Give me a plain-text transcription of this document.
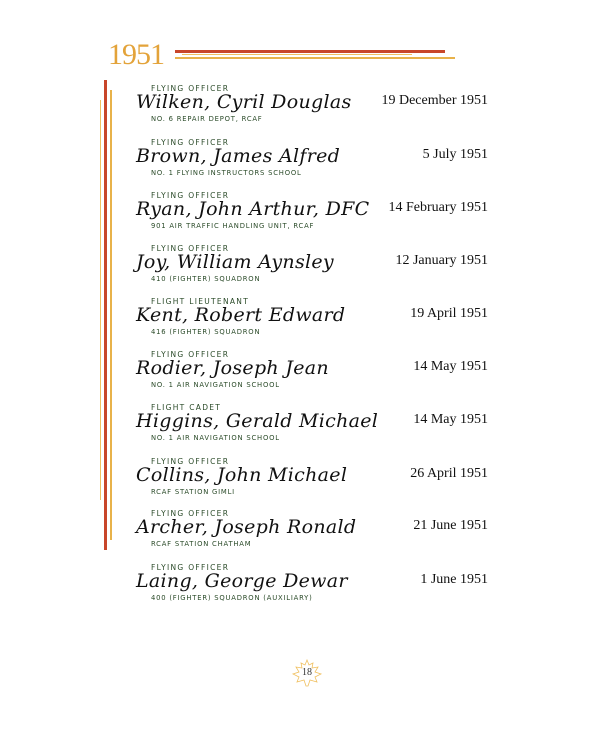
1951
FLYING OFFICER
Wilken, Cyril Douglas
NO. 6 REPAIR DEPOT, RCAF
19 December 1951
FLYING OFFICER
Brown, James Alfred
NO. 1 FLYING INSTRUCTORS SCHOOL
5 July 1951
FLYING OFFICER
Ryan, John Arthur, DFC
901 AIR TRAFFIC HANDLING UNIT, RCAF
14 February 1951
FLYING OFFICER
Joy, William Aynsley
410 (FIGHTER) SQUADRON
12 January 1951
FLIGHT LIEUTENANT
Kent, Robert Edward
416 (FIGHTER) SQUADRON
19 April 1951
FLYING OFFICER
Rodier, Joseph Jean
NO. 1 AIR NAVIGATION SCHOOL
14 May 1951
FLIGHT CADET
Higgins, Gerald Michael
NO. 1 AIR NAVIGATION SCHOOL
14 May 1951
FLYING OFFICER
Collins, John Michael
RCAF STATION GIMLI
26 April 1951
FLYING OFFICER
Archer, Joseph Ronald
RCAF STATION CHATHAM
21 June 1951
FLYING OFFICER
Laing, George Dewar
400 (FIGHTER) SQUADRON (AUXILIARY)
1 June 1951
18
